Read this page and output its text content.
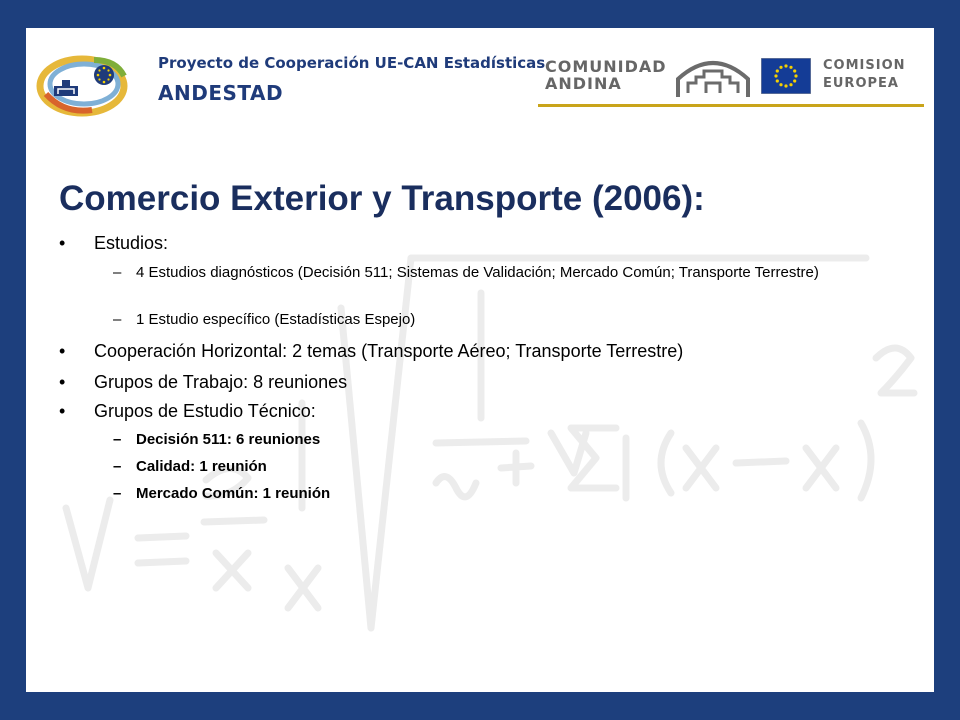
Proyecto de Cooperación UE-CAN Estadísticas
ANDESTAD
COMUNIDAD
ANDINA
COMISION
EUROPEA
Comercio Exterior y Transporte (2006):
• Estudios:
– 4 Estudios diagnósticos (Decisión 511; Sistemas de Validación; Mercado Común; Transporte Terrestre)
– 1 Estudio específico (Estadísticas Espejo)
• Cooperación Horizontal: 2 temas (Transporte Aéreo; Transporte Terrestre)
• Grupos de Trabajo: 8 reuniones
• Grupos de Estudio Técnico:
– Decisión 511: 6 reuniones
– Calidad: 1 reunión
– Mercado Común: 1 reunión
